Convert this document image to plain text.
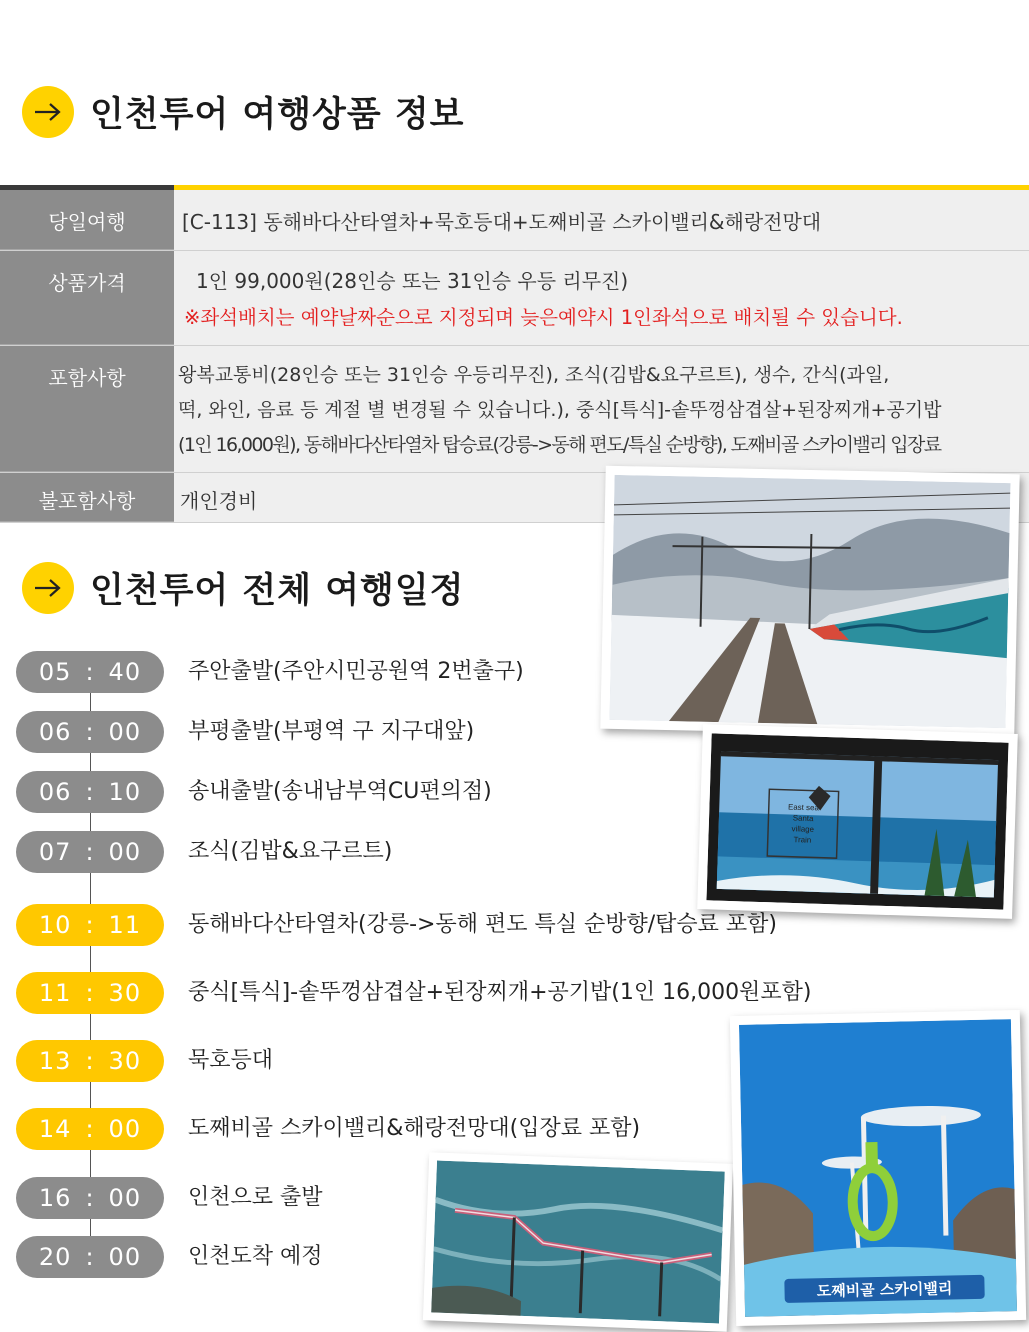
인천투어 여행상품 정보
당일여행	[C-113] 동해바다산타열차+묵호등대+도째비골 스카이밸리&해랑전망대
상품가격	1인 99,000원(28인승 또는 31인승 우등 리무진)
※좌석배치는 예약날짜순으로 지정되며 늦은예약시 1인좌석으로 배치될 수 있습니다.
포함사항	왕복교통비(28인승 또는 31인승 우등리무진), 조식(김밥&요구르트), 생수, 간식(과일,
떡, 와인, 음료 등 계절 별 변경될 수 있습니다.), 중식[특식]-솥뚜껑삼겹살+된장찌개+공기밥
(1인 16,000원), 동해바다산타열차 탑승료(강릉->동해 편도/특실 순방향), 도째비골 스카이밸리 입장료
불포함사항	개인경비
인천투어 전체 여행일정
05 : 40 주안출발(주안시민공원역 2번출구)
06 : 00 부평출발(부평역 구 지구대앞)
06 : 10 송내출발(송내남부역CU편의점)
07 : 00 조식(김밥&요구르트)
10 : 11 동해바다산타열차(강릉->동해 편도 특실 순방향/탑승료 포함)
11 : 30 중식[특식]-솥뚜껑삼겹살+된장찌개+공기밥(1인 16,000원포함)
13 : 30 묵호등대
14 : 00 도째비골 스카이밸리&해랑전망대(입장료 포함)
16 : 00 인천으로 출발
20 : 00 인천도착 예정
East sea
Santa
village
Train
도째비골 스카이밸리
